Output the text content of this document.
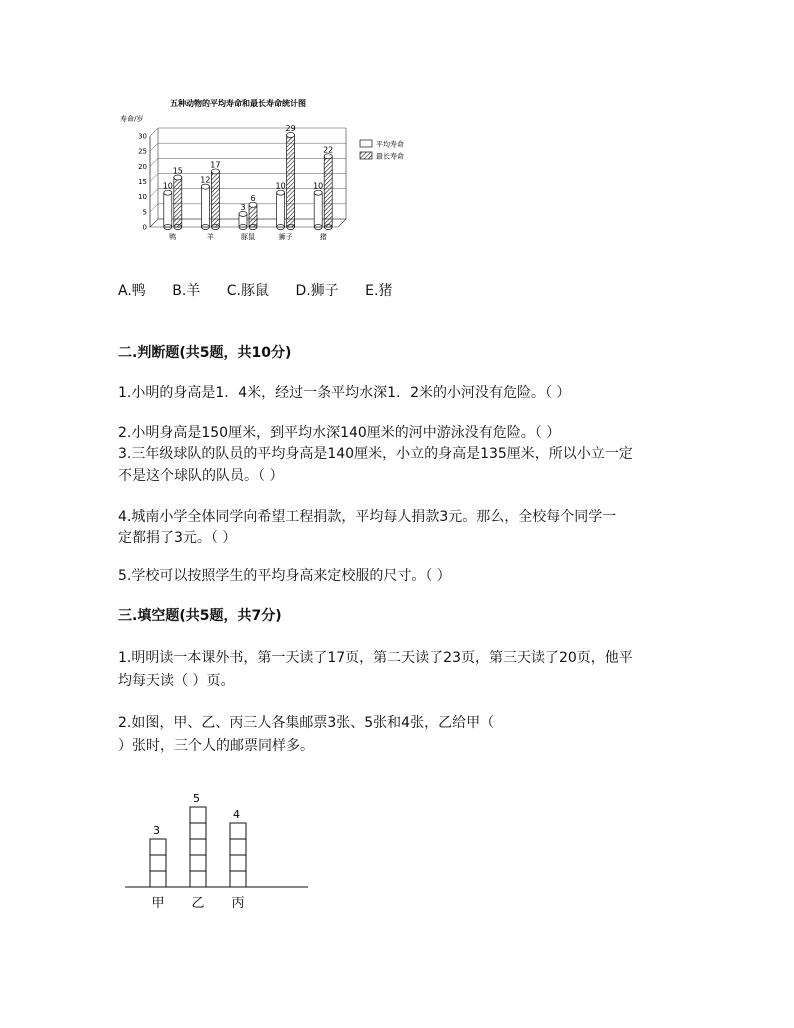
五种动物的平均寿命和最长寿命统计图
寿命/岁
0
5
10
15
20
25
30
10
15
鸭
12
17
羊
3
6
豚鼠
10
29
狮子
10
22
猪
平均寿命
最长寿命
A.鸭 B.羊 C.豚鼠 D.狮子 E.猪
二.判断题(共5题，共10分)
1.小明的身高是1．4米，经过一条平均水深1．2米的小河没有危险。（ ）
2.小明身高是150厘米，到平均水深140厘米的河中游泳没有危险。（ ）
3.三年级球队的队员的平均身高是140厘米，小立的身高是135厘米，所以小立一定
不是这个球队的队员。（ ）
4.城南小学全体同学向希望工程捐款，平均每人捐款3元。那么，全校每个同学一
定都捐了3元。（ ）
5.学校可以按照学生的平均身高来定校服的尺寸。（ ）
三.填空题(共5题，共7分)
1.明明读一本课外书，第一天读了17页，第二天读了23页，第三天读了20页，他平
均每天读（ ）页。
2.如图，甲、乙、丙三人各集邮票3张、5张和4张，乙给甲（
）张时，三个人的邮票同样多。
3
甲
5
乙
4
丙
